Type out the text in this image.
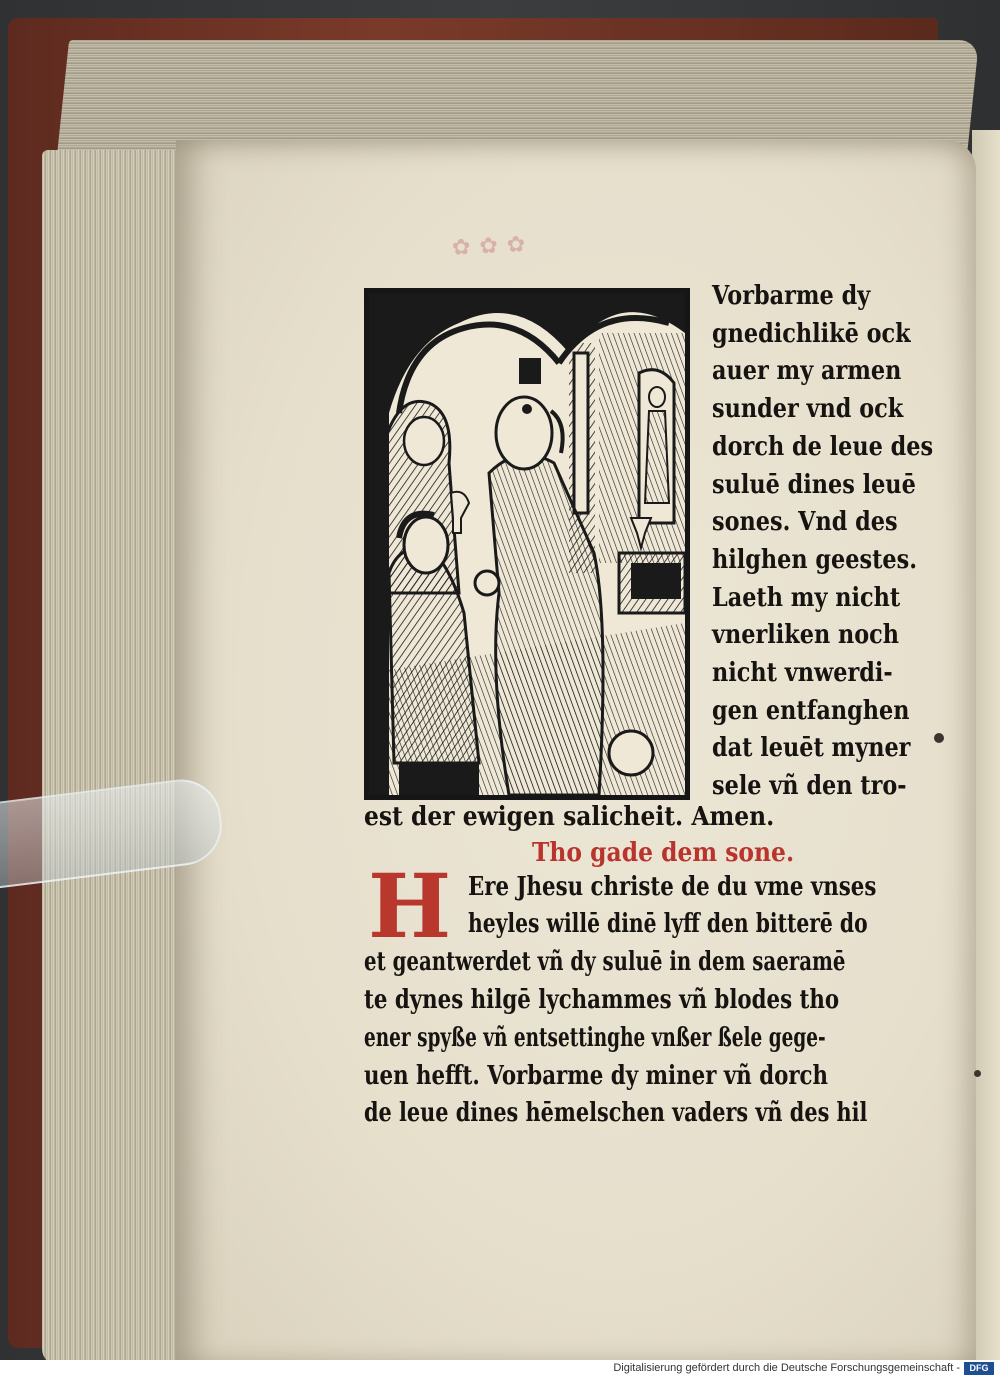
✿ ✿ ✿
Vorbarme dy
gnedichlikē ock
auer my armen
sunder vnd ock
dorch de leue des
suluē dines leuē
sones. Vnd des
hilghen geestes.
Laeth my nicht
vnerliken noch
nicht vnwerdi-
gen entfanghen
dat leuēt myner
sele vñ den tro-
est der ewigen salicheit. Amen.
Tho gade dem sone.
H Ere Jhesu christe de du vme vnses
heyles willē dinē lyff den bitterē do
et geantwerdet vñ dy suluē in dem saeramē
te dynes hilgē lychammes vñ blodes tho
ener spyße vñ entsettinghe vnßer ßele gege-
uen hefft. Vorbarme dy miner vñ dorch
de leue dines hēmelschen vaders vñ des hil
Digitalisierung gefördert durch die Deutsche Forschungsgemeinschaft -	DFG
